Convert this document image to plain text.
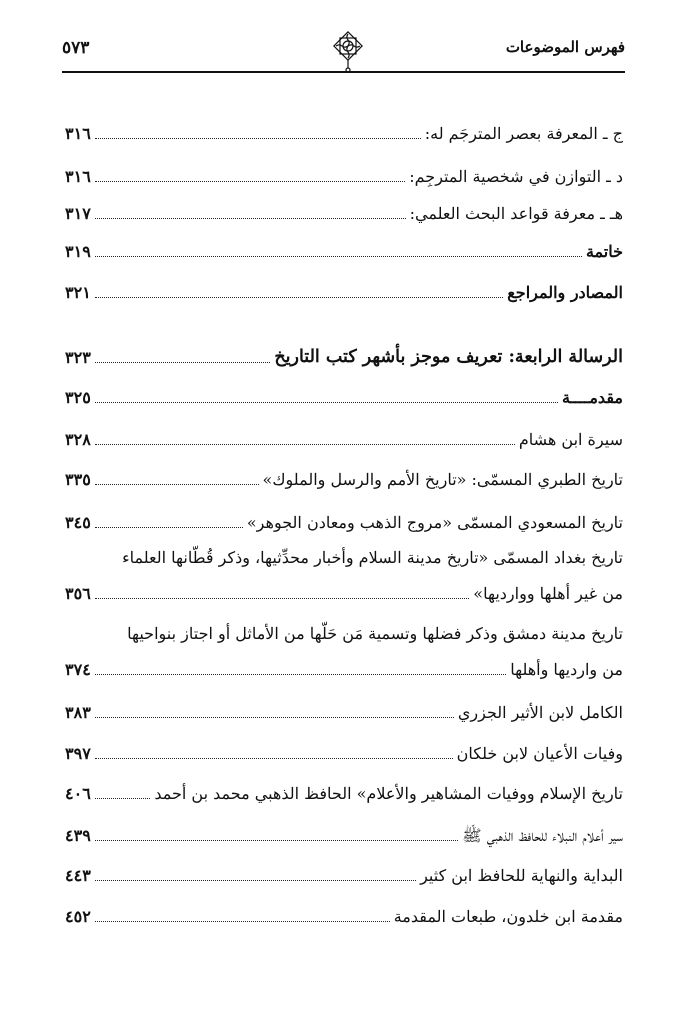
فهرس الموضوعات
٥٧٣
ج ـ المعرفة بعصر المترجَم له:
٣١٦
د ـ التوازن في شخصية المترجِم:
٣١٦
هـ ـ معرفة قواعد البحث العلمي:
٣١٧
خاتمة
٣١٩
المصادر والمراجع
٣٢١
الرسالة الرابعة: تعريف موجز بأشهر كتب التاريخ
٣٢٣
مقدمــــة
٣٢٥
سيرة ابن هشام
٣٢٨
تاريخ الطبري المسمّى: «تاريخ الأمم والرسل والملوك»
٣٣٥
تاريخ المسعودي المسمّى «مروج الذهب ومعادن الجوهر»
٣٤٥
تاريخ بغداد المسمّى «تاريخ مدينة السلام وأخبار محدِّثيها، وذكر قُطّانها العلماء
من غير أهلها ووارديها»
٣٥٦
تاريخ مدينة دمشق وذكر فضلها وتسمية مَن حَلّها من الأماثل أو اجتاز بنواحيها
من وارديها وأهلها
٣٧٤
الكامل لابن الأثير الجزري
٣٨٣
وفيات الأعيان لابن خلكان
٣٩٧
تاريخ الإسلام ووفيات المشاهير والأعلام» الحافظ الذهبي محمد بن أحمد
٤٠٦
سير أعلام النبلاء للحافظ الذهبي ﷺ
٤٣٩
البداية والنهاية للحافظ ابن كثير
٤٤٣
مقدمة ابن خلدون، طبعات المقدمة
٤٥٢
